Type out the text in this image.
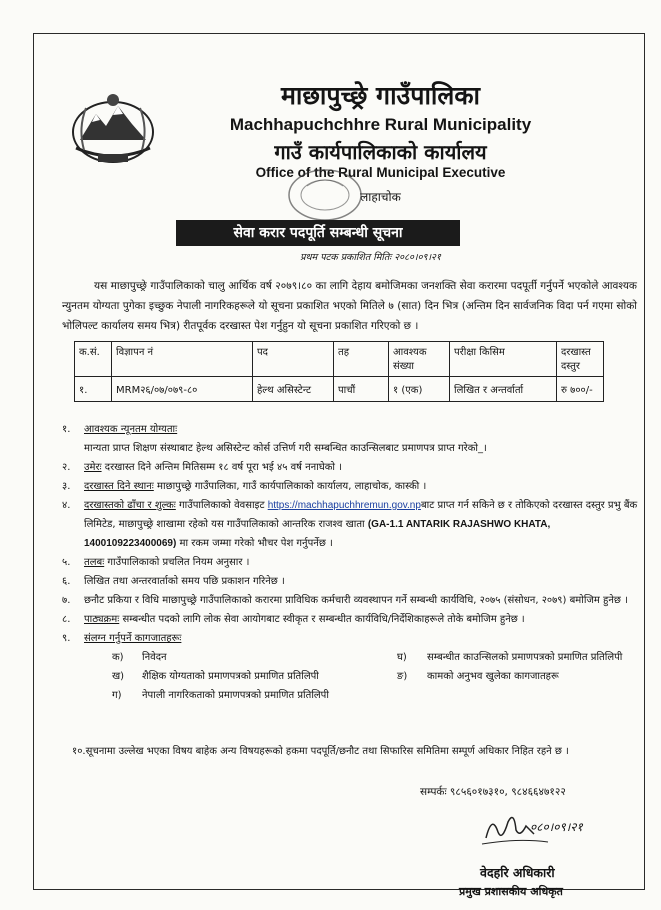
माछापुच्छ्रे गाउँपालिका
Machhapuchchhre Rural Municipality
गाउँ कार्यपालिकाको कार्यालय
Office of the Rural Municipal Executive
लाहाचोक
सेवा करार पदपूर्ति सम्बन्धी सूचना
प्रथम पटक प्रकाशित मितिः २०८०।०९।२१
यस माछापुच्छ्रे गाउँपालिकाको चालु आर्थिक वर्ष २०७९।८० का लागि देहाय बमोजिमका जनशक्ति सेवा करारमा पदपूर्ती गर्नुपर्ने भएकोले आवश्यक न्युनतम योग्यता पुगेका इच्छुक नेपाली नागरिकहरूले यो सूचना प्रकाशित भएको मितिले ७ (सात) दिन भित्र (अन्तिम दिन सार्वजनिक विदा पर्न गएमा सोको भोलिपल्ट कार्यालय समय भित्र) रीतपूर्वक दरखास्त पेश गर्नुहुन यो सूचना प्रकाशित गरिएको छ ।
क.सं.	विज्ञापन नं	पद	तह	आवश्यक संख्या	परीक्षा किसिम	दरखास्त दस्तुर
१.	MRM२६/०७/०७९-८०	हेल्थ असिस्टेन्ट	पाचौं	१ (एक)	लिखित र अन्तर्वार्ता	रु ७००/-
१. आवश्यक न्यूनतम योग्यताः
मान्यता प्राप्त शिक्षण संस्थाबाट हेल्थ असिस्टेन्ट कोर्स उत्तिर्ण गरी सम्बन्धित काउन्सिलबाट प्रमाणपत्र प्राप्त गरेको_।
२. उमेरः दरखास्त दिने अन्तिम मितिसम्म १८ वर्ष पूरा भई ४५ वर्ष ननाघेको ।
३. दरखास्त दिने स्थानः माछापुच्छ्रे गाउँपालिका, गाउँ कार्यपालिकाको कार्यालय, लाहाचोक, कास्की ।
४. दरखास्तको ढाँचा र शुल्कः गाउँपालिकाको वेवसाइट https://machhapuchhremun.gov.npबाट प्राप्त गर्न सकिने छ र तोकिएको दरखास्त दस्तुर प्रभु बैंक लिमिटेड, माछापुच्छ्रे शाखामा रहेको यस गाउँपालिकाको आन्तरिक राजश्व खाता (GA-1.1 ANTARIK RAJASHWO KHATA, 1400109223400069) मा रकम जम्मा गरेको भौचर पेश गर्नुपर्नेछ ।
५. तलबः गाउँपालिकाको प्रचलित नियम अनुसार ।
६. लिखित तथा अन्तरवार्ताको समय पछि प्रकाशन गरिनेछ ।
७. छनौट प्रकिया र विधि माछापुच्छ्रे गाउँपालिकाको करारमा प्राविधिक कर्मचारी व्यवस्थापन गर्ने सम्बन्धी कार्यविधि, २०७५ (संसोधन, २०७९) बमोजिम हुनेछ ।
८. पाठ्यक्रमः सम्बन्धीत पदको लागि लोक सेवा आयोगबाट स्वीकृत र सम्बन्धीत कार्यविधि/निर्देशिकाहरूले तोके बमोजिम हुनेछ ।
९. संलग्न गर्नुपर्ने कागजातहरूः
क) निवेदन
ख) शैक्षिक योग्यताको प्रमाणपत्रको प्रमाणित प्रतिलिपी
ग) नेपाली नागरिकताको प्रमाणपत्रको प्रमाणित प्रतिलिपी
घ) सम्बन्धीत काउन्सिलको प्रमाणपत्रको प्रमाणित प्रतिलिपी
ङ) कामको अनुभव खुलेका कागजातहरू
१०.सूचनामा उल्लेख भएका विषय बाहेक अन्य विषयहरूको हकमा पदपूर्ति/छनौट तथा सिफारिस समितिमा सम्पूर्ण अधिकार निहित रहने छ ।
सम्पर्कः ९८५६०१७३१०, ९८४६६४७१२२
०८०।०९।२१
वेदहरि अधिकारी
प्रमुख प्रशासकीय अधिकृत
